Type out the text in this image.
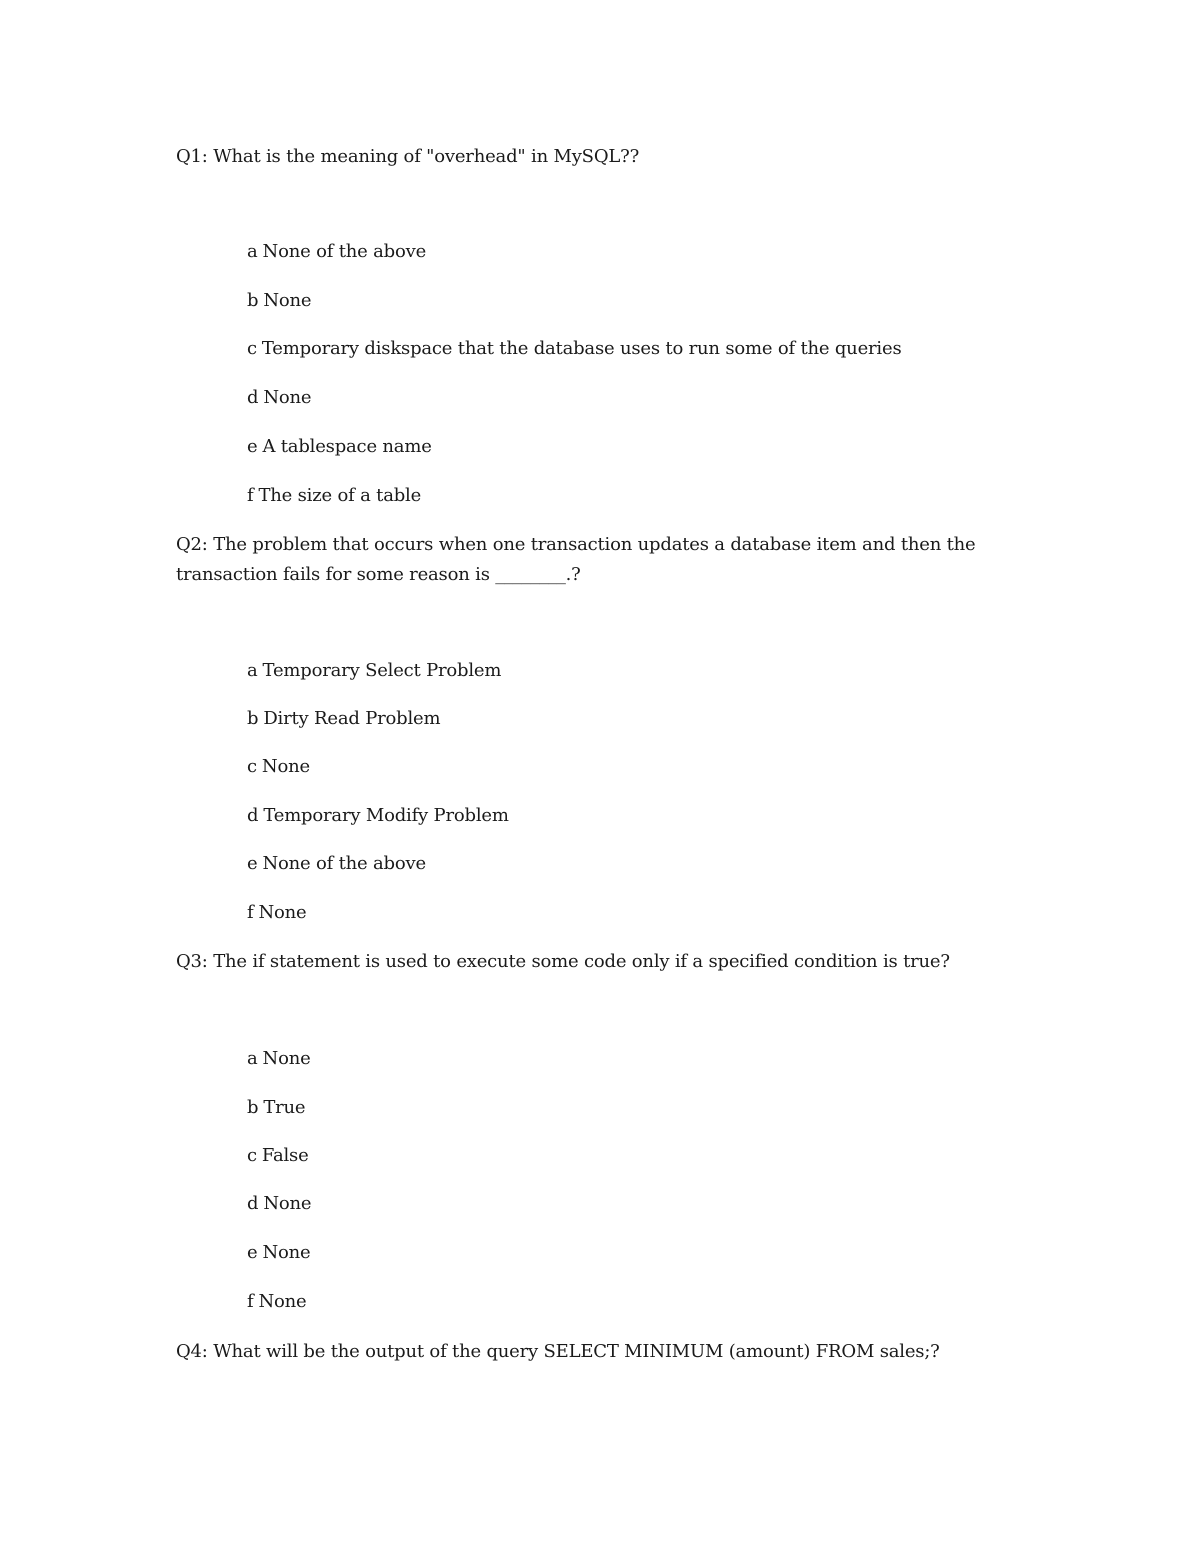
Q1: What is the meaning of "overhead" in MySQL??
a None of the above
b None
c Temporary diskspace that the database uses to run some of the queries
d None
e A tablespace name
f The size of a table
Q2: The problem that occurs when one transaction updates a database item and then the transaction fails for some reason is ________.?
a Temporary Select Problem
b Dirty Read Problem
c None
d Temporary Modify Problem
e None of the above
f None
Q3: The if statement is used to execute some code only if a specified condition is true?
a None
b True
c False
d None
e None
f None
Q4: What will be the output of the query SELECT MINIMUM (amount) FROM sales;?
